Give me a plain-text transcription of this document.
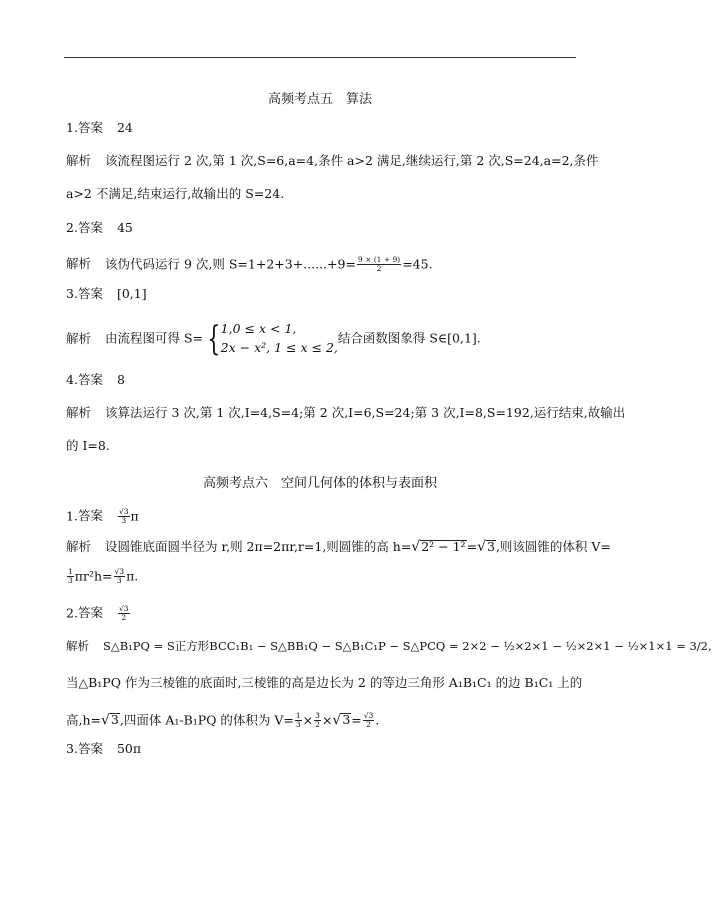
高频考点五　算法
1.答案 24
解析 该流程图运行 2 次,第 1 次,S=6,a=4,条件 a>2 满足,继续运行,第 2 次,S=24,a=2,条件
a>2 不满足,结束运行,故输出的 S=24.
2.答案 45
解析 该伪代码运行 9 次,则 $S=1+2+3+......+9= \frac{9 \times (1 + 9)}{2} =45$.
3.答案 [0,1]
解析 由流程图可得 S= { 1,0 ≤ x < 1,
2x − x², 1 ≤ x ≤ 2,
结合函数图象得 S∈[0,1].
4.答案 8
解析 该算法运行 3 次,第 1 次,I=4,S=4;第 2 次,I=6,S=24;第 3 次,I=8,S=192,运行结束,故输出
的 I=8.
高频考点六　空间几何体的体积与表面积
1.答案 $\frac{√3}{3}$ π
解析 设圆锥底面圆半径为 r,则 2π=2πr,r=1,则圆锥的高 h=√2² − 1²=√3,则该圆锥的体积 V=
$\frac{1}{3} \pi r^2h= \frac{√3}{3} \pi$.
2.答案 $\frac{√3}{2}$
解析 S△B₁PQ = S正方形BCC₁B₁ − S△BB₁Q − S△B₁C₁P − S△PCQ = 2×2 − ½×2×1 − ½×2×1 − ½×1×1 = 3/2,
当△B₁PQ 作为三棱锥的底面时,三棱锥的高是边长为 2 的等边三角形 A₁B₁C₁ 的边 B₁C₁ 上的
高,h=√3,四面体 A₁-B₁PQ 的体积为 $V= \frac{1}{3} \times \frac{3}{2} \times√3= \frac{√3}{2}$ .
3.答案 50π
